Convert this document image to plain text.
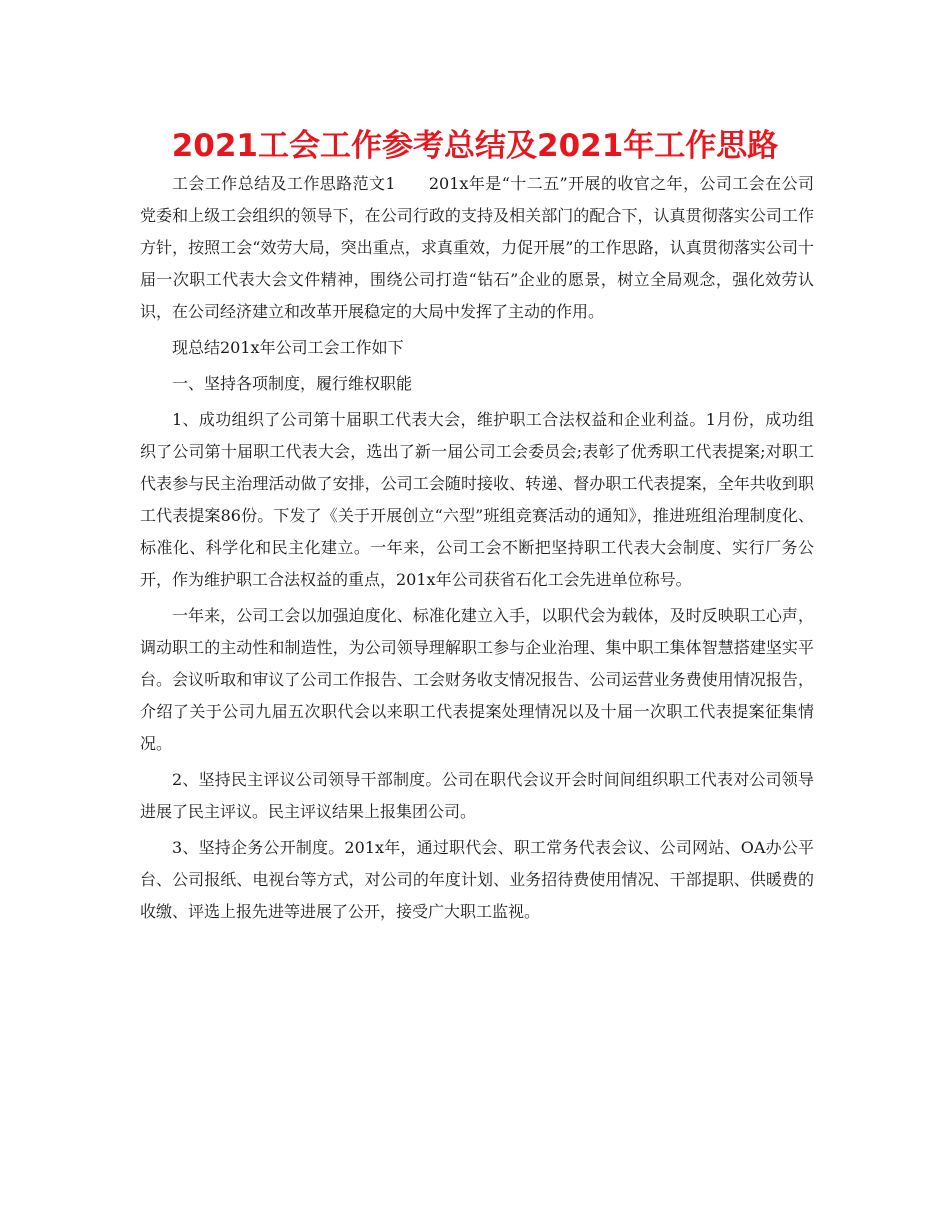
2021工会工作参考总结及2021年工作思路

工会工作总结及工作思路范文1　　201x年是“十二五”开展的收官之年，公司工会在公司党委和上级工会组织的领导下，在公司行政的支持及相关部门的配合下，认真贯彻落实公司工作方针，按照工会“效劳大局，突出重点，求真重效，力促开展”的工作思路，认真贯彻落实公司十届一次职工代表大会文件精神，围绕公司打造“钻石”企业的愿景，树立全局观念，强化效劳认识，在公司经济建立和改革开展稳定的大局中发挥了主动的作用。

现总结201x年公司工会工作如下

一、坚持各项制度，履行维权职能

1、成功组织了公司第十届职工代表大会，维护职工合法权益和企业利益。1月份，成功组织了公司第十届职工代表大会，选出了新一届公司工会委员会;表彰了优秀职工代表提案;对职工代表参与民主治理活动做了安排，公司工会随时接收、转递、督办职工代表提案，全年共收到职工代表提案86份。下发了《关于开展创立“六型”班组竞赛活动的通知》，推进班组治理制度化、标准化、科学化和民主化建立。一年来，公司工会不断把坚持职工代表大会制度、实行厂务公开，作为维护职工合法权益的重点，201x年公司获省石化工会先进单位称号。

一年来，公司工会以加强迫度化、标准化建立入手，以职代会为载体，及时反映职工心声，调动职工的主动性和制造性，为公司领导理解职工参与企业治理、集中职工集体智慧搭建坚实平台。会议听取和审议了公司工作报告、工会财务收支情况报告、公司运营业务费使用情况报告，介绍了关于公司九届五次职代会以来职工代表提案处理情况以及十届一次职工代表提案征集情况。

2、坚持民主评议公司领导干部制度。公司在职代会议开会时间间组织职工代表对公司领导进展了民主评议。民主评议结果上报集团公司。

3、坚持企务公开制度。201x年，通过职代会、职工常务代表会议、公司网站、OA办公平台、公司报纸、电视台等方式，对公司的年度计划、业务招待费使用情况、干部提职、供暖费的收缴、评选上报先进等进展了公开，接受广大职工监视。
